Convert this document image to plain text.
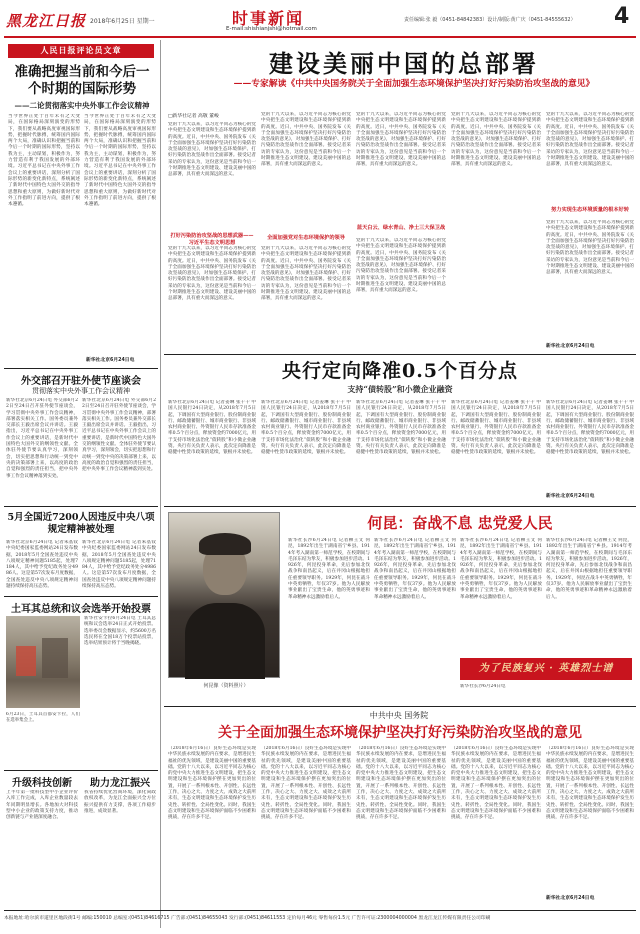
黑龙江日报 2018年6月25日 星期一	时事新闻
E-mail:shishianjshi@hotmail.com
责任编辑:张 毅（0451-84842383）设计/制版:黄广庆（0451-84555632） 4
人民日报评论员文章
准确把握当前和今后一个时期的国际形势
——二论贯彻落实中央外事工作会议精神
当今世界正处于百年未有之大变局，在国际格局深刻演变的形势下，我们要从战略高度审视国际形势，把握时代脉搏，统筹国内国际两个大局，准确认识和把握当前和今后一个时期的国际形势，坚持以我为主，主动谋划，积极作为，努力营造有利于我国发展的外部环境。习近平总书记在中央外事工作会议上的重要讲话，深刻分析了国际形势的新变化新特点，系统阐述了新时代中国特色大国外交的指导思想和重大原则，为做好新时代对外工作指明了前进方向，提供了根本遵循。
当今世界正处于百年未有之大变局，在国际格局深刻演变的形势下，我们要从战略高度审视国际形势，把握时代脉搏，统筹国内国际两个大局，准确认识和把握当前和今后一个时期的国际形势，坚持以我为主，主动谋划，积极作为，努力营造有利于我国发展的外部环境。习近平总书记在中央外事工作会议上的重要讲话，深刻分析了国际形势的新变化新特点，系统阐述了新时代中国特色大国外交的指导思想和重大原则，为做好新时代对外工作指明了前进方向，提供了根本遵循。
新华社北京6月24日电
外交部召开驻外使节座谈会
贯彻落实中央外事工作会议精神
新华社北京6月24日电 外交部6月22日至24日召开驻外使节座谈会，学习贯彻中央外事工作会议精神，部署落实相关工作。国务委员兼外交部长王毅出席会议并讲话。王毅指出，习近平总书记在中央外事工作会议上的重要讲话，是新时代中国特色大国外交的纲领性文献。全体驻外使节要认真学习，深刻领会，切实把思想和行动统一到党中央的决策部署上来，以高度的政治自觉和强烈的责任担当，把中央外事工作会议精神落到实处。
新华社北京6月24日电 外交部6月22日至24日召开驻外使节座谈会，学习贯彻中央外事工作会议精神，部署落实相关工作。国务委员兼外交部长王毅出席会议并讲话。王毅指出，习近平总书记在中央外事工作会议上的重要讲话，是新时代中国特色大国外交的纲领性文献。全体驻外使节要认真学习，深刻领会，切实把思想和行动统一到党中央的决策部署上来，以高度的政治自觉和强烈的责任担当，把中央外事工作会议精神落到实处。
5月全国近7200人因违反中央八项规定精神被处理
新华社北京6月24日电 记者朱基钗 中央纪委国家监委网站24日发布数据，2018年5月全国查处违反中央八项规定精神问题5185起，处理7184人，其中给予党纪政务处分4986人。这是第57次发布月度数据，全国查处违反中央八项规定精神问题持续保持高压态势。
新华社北京6月24日电 记者朱基钗 中央纪委国家监委网站24日发布数据，2018年5月全国查处违反中央八项规定精神问题5185起，处理7184人，其中给予党纪政务处分4986人。这是第57次发布月度数据，全国查处违反中央八项规定精神问题持续保持高压态势。
土耳其总统和议会选举开始投票
6月23日，土耳其首都安卡拉，人们在选举集会上。
新华社安卡拉6月24日电 土耳其总统和议会选举24日正式开始投票。选举委员会数据显示，约5600万名选民将在全国18万个投票站投票，选举结果预计将于当晚揭晓。
升级科技创新
上半年第一批科技型中小企业评价入库工作完成，入库企业数量较去年同期明显增长。各地加大对科技型中小企业的政策支持力度，推动创新链与产业链深度融合。
助力龙江振兴
我省持续优化营商环境，深化简政放权改革，为龙江全面振兴全方位振兴提供有力支撑，各项工作稳步推进，成效显著。
建设美丽中国的总部署
——专家解读《中共中央国务院关于全面加强生态环境保护坚决打好污染防治攻坚战的意见》
□新华社记者 高敬 董峻
党的十九大以来，以习近平同志为核心的党中央把生态文明建设和生态环境保护提到新的高度。近日，中共中央、国务院发布《关于全面加强生态环境保护坚决打好污染防治攻坚战的意见》，对加强生态环境保护、打好污染防治攻坚战作出全面部署。接受记者采访的专家认为，这份意见是当前和今后一个时期推进生态文明建设、建设美丽中国的总部署，具有重大而深远的意义。
打好污染防治攻坚战的思想武器——习近平生态文明思想
党的十九大以来，以习近平同志为核心的党中央把生态文明建设和生态环境保护提到新的高度。近日，中共中央、国务院发布《关于全面加强生态环境保护坚决打好污染防治攻坚战的意见》，对加强生态环境保护、打好污染防治攻坚战作出全面部署。接受记者采访的专家认为，这份意见是当前和今后一个时期推进生态文明建设、建设美丽中国的总部署，具有重大而深远的意义。
党的十九大以来，以习近平同志为核心的党中央把生态文明建设和生态环境保护提到新的高度。近日，中共中央、国务院发布《关于全面加强生态环境保护坚决打好污染防治攻坚战的意见》，对加强生态环境保护、打好污染防治攻坚战作出全面部署。接受记者采访的专家认为，这份意见是当前和今后一个时期推进生态文明建设、建设美丽中国的总部署，具有重大而深远的意义。
全面加强党对生态环境保护的领导
党的十九大以来，以习近平同志为核心的党中央把生态文明建设和生态环境保护提到新的高度。近日，中共中央、国务院发布《关于全面加强生态环境保护坚决打好污染防治攻坚战的意见》，对加强生态环境保护、打好污染防治攻坚战作出全面部署。接受记者采访的专家认为，这份意见是当前和今后一个时期推进生态文明建设、建设美丽中国的总部署，具有重大而深远的意义。
党的十九大以来，以习近平同志为核心的党中央把生态文明建设和生态环境保护提到新的高度。近日，中共中央、国务院发布《关于全面加强生态环境保护坚决打好污染防治攻坚战的意见》，对加强生态环境保护、打好污染防治攻坚战作出全面部署。接受记者采访的专家认为，这份意见是当前和今后一个时期推进生态文明建设、建设美丽中国的总部署，具有重大而深远的意义。
蓝天白云、绿水青山、净土三大保卫战
党的十九大以来，以习近平同志为核心的党中央把生态文明建设和生态环境保护提到新的高度。近日，中共中央、国务院发布《关于全面加强生态环境保护坚决打好污染防治攻坚战的意见》，对加强生态环境保护、打好污染防治攻坚战作出全面部署。接受记者采访的专家认为，这份意见是当前和今后一个时期推进生态文明建设、建设美丽中国的总部署，具有重大而深远的意义。
党的十九大以来，以习近平同志为核心的党中央把生态文明建设和生态环境保护提到新的高度。近日，中共中央、国务院发布《关于全面加强生态环境保护坚决打好污染防治攻坚战的意见》，对加强生态环境保护、打好污染防治攻坚战作出全面部署。接受记者采访的专家认为，这份意见是当前和今后一个时期推进生态文明建设、建设美丽中国的总部署，具有重大而深远的意义。
党的十九大以来，以习近平同志为核心的党中央把生态文明建设和生态环境保护提到新的高度。近日，中共中央、国务院发布《关于全面加强生态环境保护坚决打好污染防治攻坚战的意见》，对加强生态环境保护、打好污染防治攻坚战作出全面部署。接受记者采访的专家认为，这份意见是当前和今后一个时期推进生态文明建设、建设美丽中国的总部署，具有重大而深远的意义。
努力实现生态环境质量的根本好转
党的十九大以来，以习近平同志为核心的党中央把生态文明建设和生态环境保护提到新的高度。近日，中共中央、国务院发布《关于全面加强生态环境保护坚决打好污染防治攻坚战的意见》，对加强生态环境保护、打好污染防治攻坚战作出全面部署。接受记者采访的专家认为，这份意见是当前和今后一个时期推进生态文明建设、建设美丽中国的总部署，具有重大而深远的意义。
新华社北京6月24日电
央行定向降准0.5个百分点
支持“债转股”和小微企业融资
新华社北京6月24日电 记者姜琳 张千千 中国人民银行24日决定，从2018年7月5日起，下调国有大型商业银行、股份制商业银行、邮政储蓄银行、城市商业银行、非县域农村商业银行、外资银行人民币存款准备金率0.5个百分点，释放资金约7000亿元，用于支持市场化法治化“债转股”和小微企业融资。央行有关负责人表示，此次定向降准是稳健中性货币政策的延续，银根并未放松。
新华社北京6月24日电 记者姜琳 张千千 中国人民银行24日决定，从2018年7月5日起，下调国有大型商业银行、股份制商业银行、邮政储蓄银行、城市商业银行、非县域农村商业银行、外资银行人民币存款准备金率0.5个百分点，释放资金约7000亿元，用于支持市场化法治化“债转股”和小微企业融资。央行有关负责人表示，此次定向降准是稳健中性货币政策的延续，银根并未放松。
新华社北京6月24日电 记者姜琳 张千千 中国人民银行24日决定，从2018年7月5日起，下调国有大型商业银行、股份制商业银行、邮政储蓄银行、城市商业银行、非县域农村商业银行、外资银行人民币存款准备金率0.5个百分点，释放资金约7000亿元，用于支持市场化法治化“债转股”和小微企业融资。央行有关负责人表示，此次定向降准是稳健中性货币政策的延续，银根并未放松。
新华社北京6月24日电 记者姜琳 张千千 中国人民银行24日决定，从2018年7月5日起，下调国有大型商业银行、股份制商业银行、邮政储蓄银行、城市商业银行、非县域农村商业银行、外资银行人民币存款准备金率0.5个百分点，释放资金约7000亿元，用于支持市场化法治化“债转股”和小微企业融资。央行有关负责人表示，此次定向降准是稳健中性货币政策的延续，银根并未放松。
新华社北京6月24日电 记者姜琳 张千千 中国人民银行24日决定，从2018年7月5日起，下调国有大型商业银行、股份制商业银行、邮政储蓄银行、城市商业银行、非县域农村商业银行、外资银行人民币存款准备金率0.5个百分点，释放资金约7000亿元，用于支持市场化法治化“债转股”和小微企业融资。央行有关负责人表示，此次定向降准是稳健中性货币政策的延续，银根并未放松。
新华社北京6月24日电
何昆像（资料照片）
何昆：奋战不息 忠党爱人民
新华社长沙6月24日电 记者柳王文 何昆，1892年出生于湖南省宁乡县。1914年考入湖南第一师范学校，在校期间与毛泽东结为挚友，积极参加进步活动。1926年，何昆投身革命，先后参加北伐战争和南昌起义，后在井冈山根据地担任重要领导职务。1929年，何昆在战斗中英勇牺牲，年仅37岁。他为人民解放事业献出了宝贵生命，他的英勇事迹和革命精神永远激励着后人。
新华社长沙6月24日电 记者柳王文 何昆，1892年出生于湖南省宁乡县。1914年考入湖南第一师范学校，在校期间与毛泽东结为挚友，积极参加进步活动。1926年，何昆投身革命，先后参加北伐战争和南昌起义，后在井冈山根据地担任重要领导职务。1929年，何昆在战斗中英勇牺牲，年仅37岁。他为人民解放事业献出了宝贵生命，他的英勇事迹和革命精神永远激励着后人。
新华社长沙6月24日电 记者柳王文 何昆，1892年出生于湖南省宁乡县。1914年考入湖南第一师范学校，在校期间与毛泽东结为挚友，积极参加进步活动。1926年，何昆投身革命，先后参加北伐战争和南昌起义，后在井冈山根据地担任重要领导职务。1929年，何昆在战斗中英勇牺牲，年仅37岁。他为人民解放事业献出了宝贵生命，他的英勇事迹和革命精神永远激励着后人。
新华社长沙6月24日电 记者柳王文 何昆，1892年出生于湖南省宁乡县。1914年考入湖南第一师范学校，在校期间与毛泽东结为挚友，积极参加进步活动。1926年，何昆投身革命，先后参加北伐战争和南昌起义，后在井冈山根据地担任重要领导职务。1929年，何昆在战斗中英勇牺牲，年仅37岁。他为人民解放事业献出了宝贵生命，他的英勇事迹和革命精神永远激励着后人。
为了民族复兴 · 英雄烈士谱
新华社长沙6月24日电
中共中央 国务院
关于全面加强生态环境保护坚决打好污染防治攻坚战的意见
（2018年6月16日）良好生态环境是实现中华民族永续发展的内在要求，是增进民生福祉的优先领域，是建设美丽中国的重要基础。党的十八大以来，以习近平同志为核心的党中央大力推进生态文明建设，把生态文明建设和生态环境保护摆在更加突出的位置，开展了一系列根本性、开创性、长远性工作，决心之大、力度之大、成效之大前所未有，生态文明建设和生态环境保护发生历史性、转折性、全局性变化。同时，我国生态文明建设和生态环境保护面临不少困难和挑战，存在许多不足。
（2018年6月16日）良好生态环境是实现中华民族永续发展的内在要求，是增进民生福祉的优先领域，是建设美丽中国的重要基础。党的十八大以来，以习近平同志为核心的党中央大力推进生态文明建设，把生态文明建设和生态环境保护摆在更加突出的位置，开展了一系列根本性、开创性、长远性工作，决心之大、力度之大、成效之大前所未有，生态文明建设和生态环境保护发生历史性、转折性、全局性变化。同时，我国生态文明建设和生态环境保护面临不少困难和挑战，存在许多不足。
（2018年6月16日）良好生态环境是实现中华民族永续发展的内在要求，是增进民生福祉的优先领域，是建设美丽中国的重要基础。党的十八大以来，以习近平同志为核心的党中央大力推进生态文明建设，把生态文明建设和生态环境保护摆在更加突出的位置，开展了一系列根本性、开创性、长远性工作，决心之大、力度之大、成效之大前所未有，生态文明建设和生态环境保护发生历史性、转折性、全局性变化。同时，我国生态文明建设和生态环境保护面临不少困难和挑战，存在许多不足。
（2018年6月16日）良好生态环境是实现中华民族永续发展的内在要求，是增进民生福祉的优先领域，是建设美丽中国的重要基础。党的十八大以来，以习近平同志为核心的党中央大力推进生态文明建设，把生态文明建设和生态环境保护摆在更加突出的位置，开展了一系列根本性、开创性、长远性工作，决心之大、力度之大、成效之大前所未有，生态文明建设和生态环境保护发生历史性、转折性、全局性变化。同时，我国生态文明建设和生态环境保护面临不少困难和挑战，存在许多不足。
（2018年6月16日）良好生态环境是实现中华民族永续发展的内在要求，是增进民生福祉的优先领域，是建设美丽中国的重要基础。党的十八大以来，以习近平同志为核心的党中央大力推进生态文明建设，把生态文明建设和生态环境保护摆在更加突出的位置，开展了一系列根本性、开创性、长远性工作，决心之大、力度之大、成效之大前所未有，生态文明建设和生态环境保护发生历史性、转折性、全局性变化。同时，我国生态文明建设和生态环境保护面临不少困难和挑战，存在许多不足。
新华社北京6月24日电
本报地址:哈尔滨市道里区地段街1号 邮编:150010 总编室:(0451)84616715 广告部:(0451)84655043 发行部:(0451)84611553 定价每月46元 零售每份1.5元 广告许可证:2300004000004 黑龙江龙江传媒有限责任公司印刷
